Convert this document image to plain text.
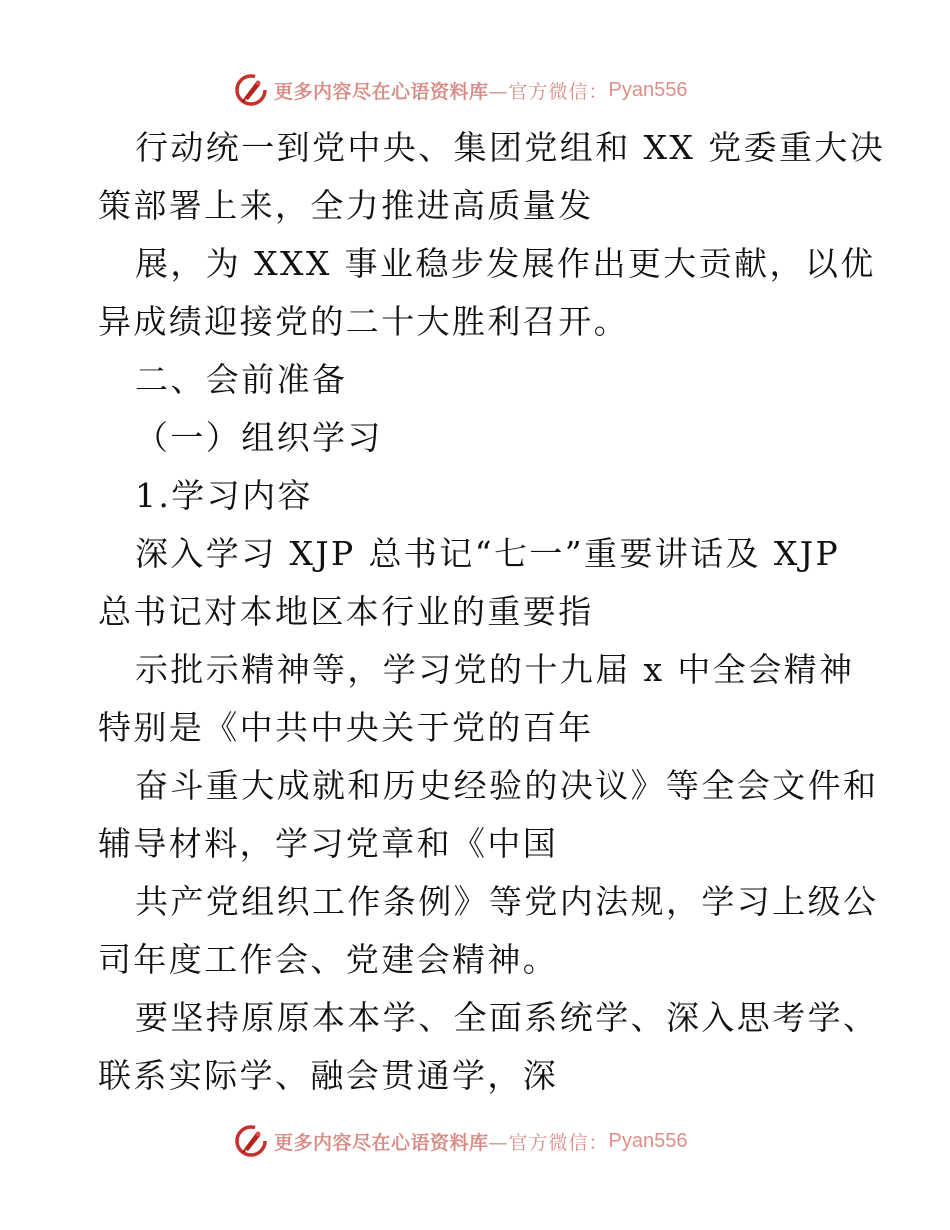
更多内容尽在心语资料库 —官方微信： Pyan556
行动统一到党中央、集团党组和 XX 党委重大决
策部署上来，全力推进高质量发
展，为 XXX 事业稳步发展作出更大贡献，以优
异成绩迎接党的二十大胜利召开。
二、会前准备
（一）组织学习
1.学习内容
深入学习 XJP 总书记“七一”重要讲话及 XJP
总书记对本地区本行业的重要指
示批示精神等，学习党的十九届 x 中全会精神
特别是《中共中央关于党的百年
奋斗重大成就和历史经验的决议》等全会文件和
辅导材料，学习党章和《中国
共产党组织工作条例》等党内法规，学习上级公
司年度工作会、党建会精神。
要坚持原原本本学、全面系统学、深入思考学、
联系实际学、融会贯通学，深
更多内容尽在心语资料库 —官方微信： Pyan556
